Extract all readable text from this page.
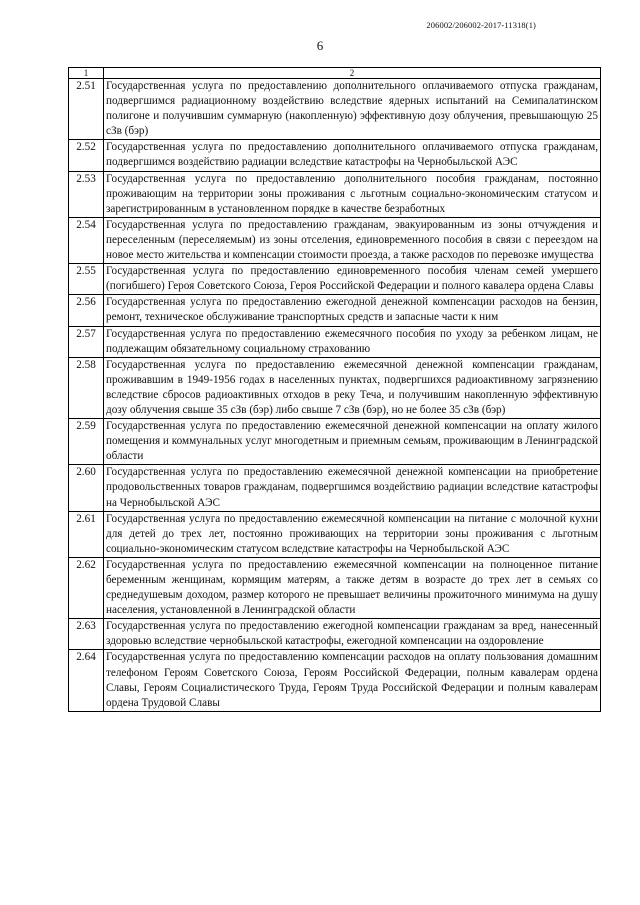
206002/206002-2017-11318(1)
6
1	2
2.51	Государственная услуга по предоставлению дополнительного оплачиваемого отпуска гражданам, подвергшимся радиационному воздействию вследствие ядерных испытаний на Семипалатинском полигоне и получившим суммарную (накопленную) эффективную дозу облучения, превышающую 25 сЗв (бэр)
2.52	Государственная услуга по предоставлению дополнительного оплачиваемого отпуска гражданам, подвергшимся воздействию радиации вследствие катастрофы на Чернобыльской АЭС
2.53	Государственная услуга по предоставлению дополнительного пособия гражданам, постоянно проживающим на территории зоны проживания с льготным социально-экономическим статусом и зарегистрированным в установленном порядке в качестве безработных
2.54	Государственная услуга по предоставлению гражданам, эвакуированным из зоны отчуждения и переселенным (переселяемым) из зоны отселения, единовременного пособия в связи с переездом на новое место жительства и компенсации стоимости проезда, а также расходов по перевозке имущества
2.55	Государственная услуга по предоставлению единовременного пособия членам семей умершего (погибшего) Героя Советского Союза, Героя Российской Федерации и полного кавалера ордена Славы
2.56	Государственная услуга по предоставлению ежегодной денежной компенсации расходов на бензин, ремонт, техническое обслуживание транспортных средств и запасные части к ним
2.57	Государственная услуга по предоставлению ежемесячного пособия по уходу за ребенком лицам, не подлежащим обязательному социальному страхованию
2.58	Государственная услуга по предоставлению ежемесячной денежной компенсации гражданам, проживавшим в 1949-1956 годах в населенных пунктах, подвергшихся радиоактивному загрязнению вследствие сбросов радиоактивных отходов в реку Теча, и получившим накопленную эффективную дозу облучения свыше 35 сЗв (бэр) либо свыше 7 сЗв (бэр), но не более 35 сЗв (бэр)
2.59	Государственная услуга по предоставлению ежемесячной денежной компенсации на оплату жилого помещения и коммунальных услуг многодетным и приемным семьям, проживающим в Ленинградской области
2.60	Государственная услуга по предоставлению ежемесячной денежной компенсации на приобретение продовольственных товаров гражданам, подвергшимся воздействию радиации вследствие катастрофы на Чернобыльской АЭС
2.61	Государственная услуга по предоставлению ежемесячной компенсации на питание с молочной кухни для детей до трех лет, постоянно проживающих на территории зоны проживания с льготным социально-экономическим статусом вследствие катастрофы на Чернобыльской АЭС
2.62	Государственная услуга по предоставлению ежемесячной компенсации на полноценное питание беременным женщинам, кормящим матерям, а также детям в возрасте до трех лет в семьях со среднедушевым доходом, размер которого не превышает величины прожиточного минимума на душу населения, установленной в Ленинградской области
2.63	Государственная услуга по предоставлению ежегодной компенсации гражданам за вред, нанесенный здоровью вследствие чернобыльской катастрофы, ежегодной компенсации на оздоровление
2.64	Государственная услуга по предоставлению компенсации расходов на оплату пользования домашним телефоном Героям Советского Союза, Героям Российской Федерации, полным кавалерам ордена Славы, Героям Социалистического Труда, Героям Труда Российской Федерации и полным кавалерам ордена Трудовой Славы
